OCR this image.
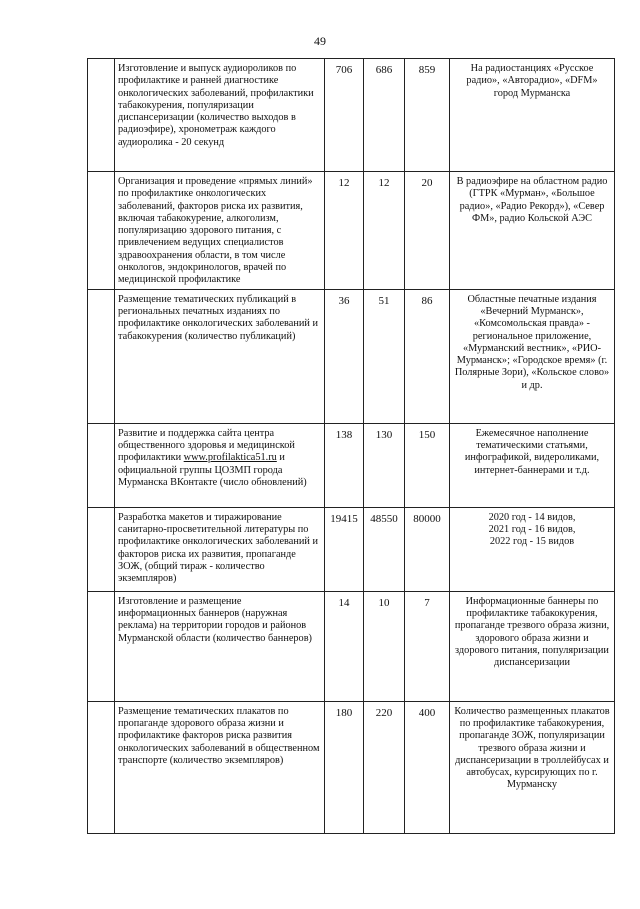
49
	Изготовление и выпуск аудиороликов по профилактике и ранней диагностике онкологических заболеваний, профилактики табакокурения, популяризации диспансеризации (количество выходов в радиоэфире), хронометраж каждого аудиоролика - 20 секунд	706	686	859	На радиостанциях «Русское радио», «Авторадио», «DFM» город Мурманска
	Организация и проведение «прямых линий» по профилактике онкологических заболеваний, факторов риска их развития, включая табакокурение, алкоголизм, популяризацию здорового питания, с привлечением ведущих специалистов здравоохранения области, в том числе онкологов, эндокринологов, врачей по медицинской профилактике	12	12	20	В радиоэфире на областном радио (ГТРК «Мурман», «Большое радио», «Радио Рекорд»), «Север ФМ», радио Кольской АЭС
	Размещение тематических публикаций в региональных печатных изданиях по профилактике онкологических заболеваний и табакокурения (количество публикаций)	36	51	86	Областные печатные издания «Вечерний Мурманск», «Комсомольская правда» - региональное приложение, «Мурманский вестник», «РИО-Мурманск»; «Городское время» (г. Полярные Зори), «Кольское слово» и др.
	Развитие и поддержка сайта центра общественного здоровья и медицинской профилактики www.profilaktica51.ru и официальной группы ЦОЗМП города Мурманска ВКонтакте (число обновлений)	138	130	150	Ежемесячное наполнение тематическими статьями, инфографикой, видероликами, интернет-баннерами и т.д.
	Разработка макетов и тиражирование санитарно-просветительной литературы по профилактике онкологических заболеваний и факторов риска их развития, пропаганде ЗОЖ, (общий тираж - количество экземпляров)	19415	48550	80000	2020 год - 14 видов,
2021 год - 16 видов,
2022 год - 15 видов
	Изготовление и размещение информационных баннеров (наружная реклама) на территории городов и районов Мурманской области (количество баннеров)	14	10	7	Информационные баннеры по профилактике табакокурения, пропаганде трезвого образа жизни, здорового образа жизни и здорового питания, популяризации диспансеризации
	Размещение тематических плакатов по пропаганде здорового образа жизни и профилактике факторов риска развития онкологических заболеваний в общественном транспорте (количество экземпляров)	180	220	400	Количество размещенных плакатов по профилактике табакокурения, пропаганде ЗОЖ, популяризации трезвого образа жизни и диспансеризации в троллейбусах и автобусах, курсирующих по г. Мурманску
